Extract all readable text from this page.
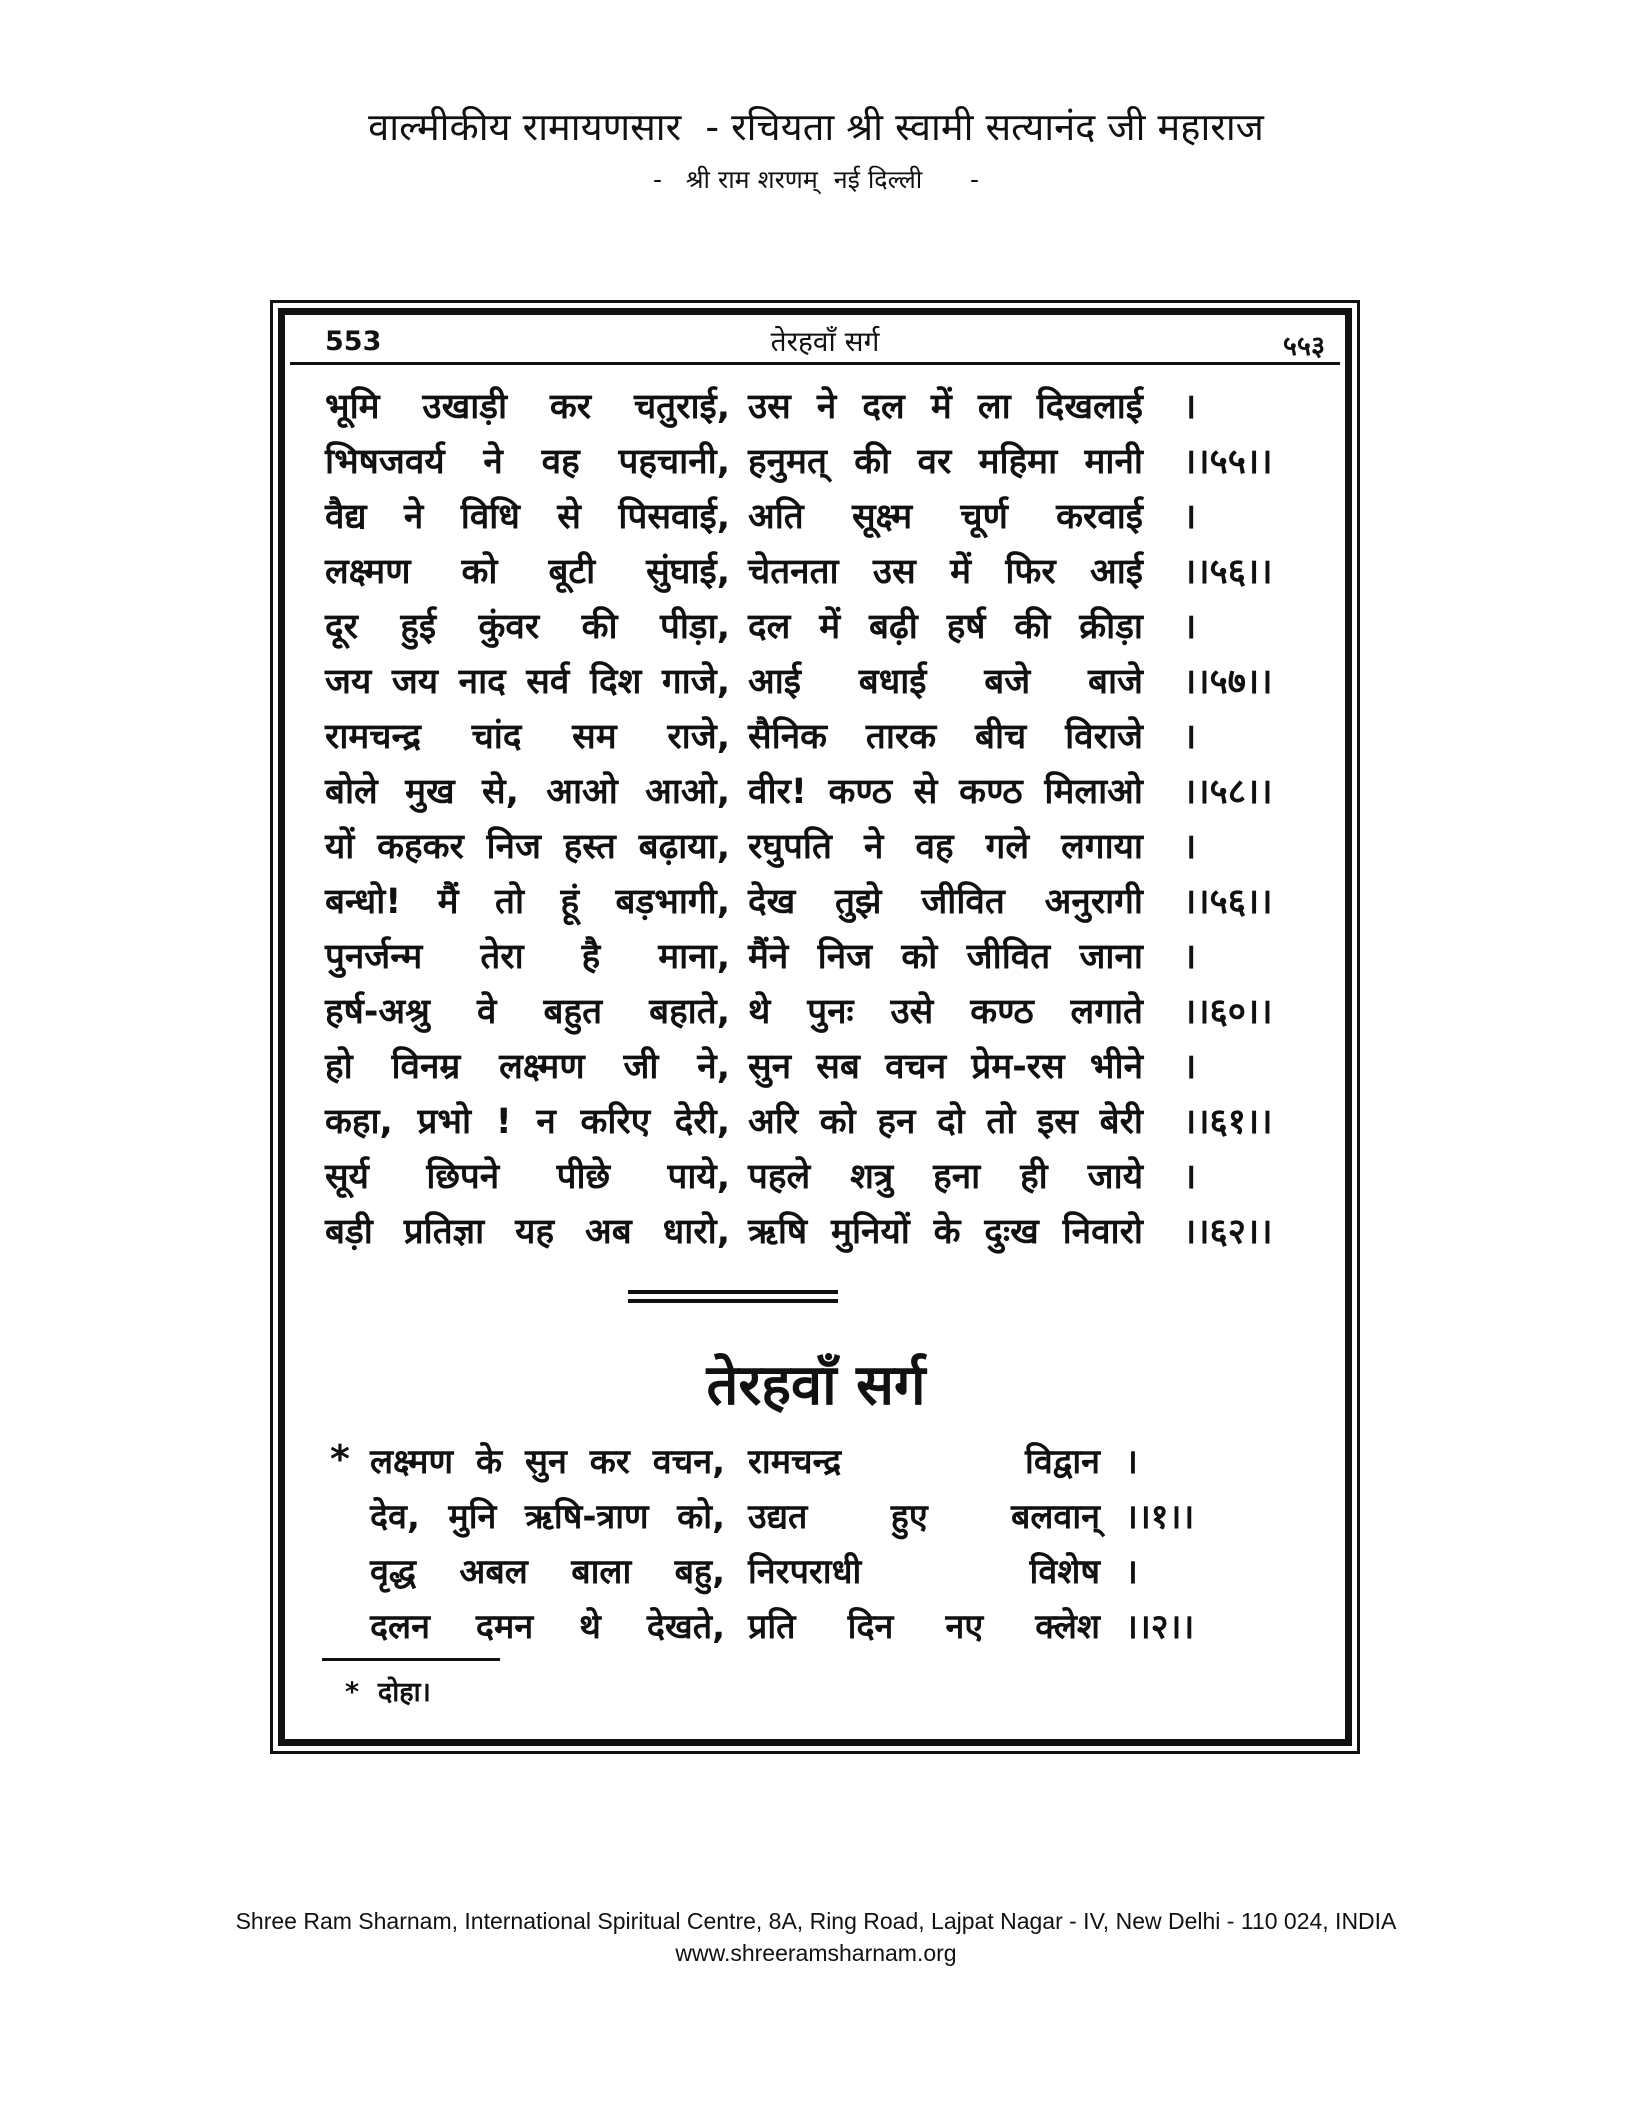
वाल्मीकीय रामायणसार  - रचियता श्री स्वामी सत्यानंद जी महाराज
-   श्री राम शरणम्  नई दिल्ली      -
553	तेरहवाँ सर्ग	५५३
भूमि उखाड़ी कर चतुराई, उस ने दल में ला दिखलाई ।
भिषजवर्य ने वह पहचानी, हनुमत् की वर महिमा मानी ।।५५।।
वैद्य ने विधि से पिसवाई, अति सूक्ष्म चूर्ण करवाई ।
लक्ष्मण को बूटी सुंघाई, चेतनता उस में फिर आई ।।५६।।
दूर हुई कुंवर की पीड़ा, दल में बढ़ी हर्ष की क्रीड़ा ।
जय जय नाद सर्व दिश गाजे, आई बधाई बजे बाजे ।।५७।।
रामचन्द्र चांद सम राजे, सैनिक तारक बीच विराजे ।
बोले मुख से, आओ आओ, वीर! कण्ठ से कण्ठ मिलाओ ।।५८।।
यों कहकर निज हस्त बढ़ाया, रघुपति ने वह गले लगाया ।
बन्धो! मैं तो हूं बड़भागी, देख तुझे जीवित अनुरागी ।।५६।।
पुनर्जन्म तेरा है माना, मैंने निज को जीवित जाना ।
हर्ष-अश्रु वे बहुत बहाते, थे पुनः उसे कण्ठ लगाते ।।६०।।
हो विनम्र लक्ष्मण जी ने, सुन सब वचन प्रेम-रस भीने ।
कहा, प्रभो ! न करिए देरी, अरि को हन दो तो इस बेरी ।।६१।।
सूर्य छिपने पीछे पाये, पहले शत्रु हना ही जाये ।
बड़ी प्रतिज्ञा यह अब धारो, ऋषि मुनियों के दुःख निवारो ।।६२।।
तेरहवाँ सर्ग
* लक्ष्मण के सुन कर वचन, रामचन्द्र विद्वान ।
देव, मुनि ऋषि-त्राण को, उद्यत हुए बलवान् ।।१।।
वृद्ध अबल बाला बहु, निरपराधी विशेष ।
दलन दमन थे देखते, प्रति दिन नए क्लेश ।।२।।
*  दोहा।
Shree Ram Sharnam, International Spiritual Centre, 8A, Ring Road, Lajpat Nagar - IV, New Delhi - 110 024, INDIA
www.shreeramsharnam.org
